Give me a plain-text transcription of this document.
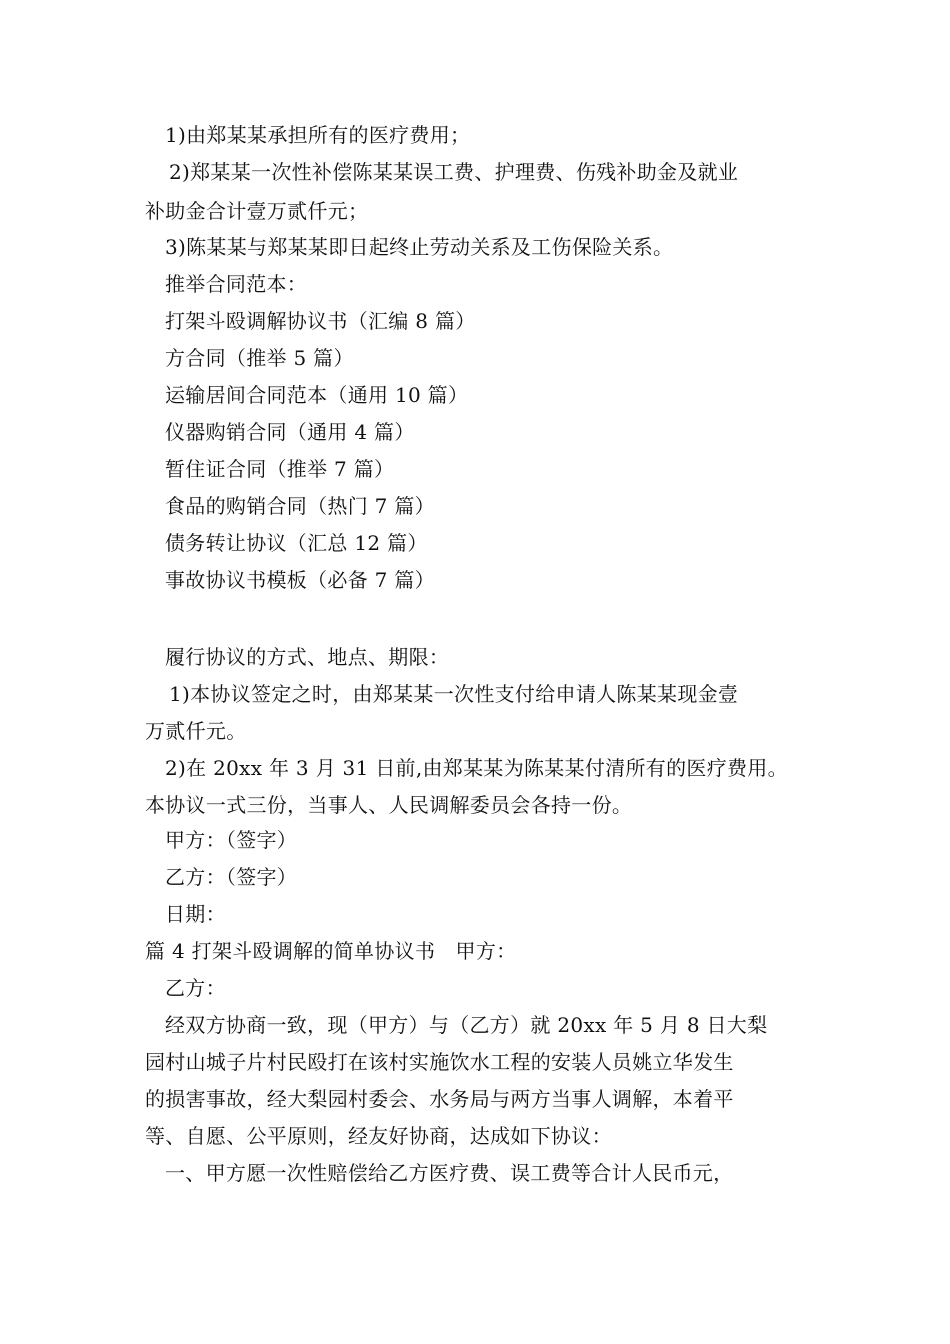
1)由郑某某承担所有的医疗费用；
2)郑某某一次性补偿陈某某误工费、护理费、伤残补助金及就业
补助金合计壹万贰仟元；
3)陈某某与郑某某即日起终止劳动关系及工伤保险关系。
推举合同范本：
打架斗殴调解协议书（汇编 8 篇）
方合同（推举 5 篇）
运输居间合同范本（通用 10 篇）
仪器购销合同（通用 4 篇）
暂住证合同（推举 7 篇）
食品的购销合同（热门 7 篇）
债务转让协议（汇总 12 篇）
事故协议书模板（必备 7 篇）
履行协议的方式、地点、期限：
1)本协议签定之时，由郑某某一次性支付给申请人陈某某现金壹
万贰仟元。
2)在 20xx 年 3 月 31 日前,由郑某某为陈某某付清所有的医疗费用。
本协议一式三份，当事人、人民调解委员会各持一份。
甲方：（签字）
乙方：（签字）
日期：
篇 4 打架斗殴调解的简单协议书　甲方：
乙方：
经双方协商一致，现（甲方）与（乙方）就 20xx 年 5 月 8 日大梨
园村山城子片村民殴打在该村实施饮水工程的安装人员姚立华发生
的损害事故，经大梨园村委会、水务局与两方当事人调解，本着平
等、自愿、公平原则，经友好协商，达成如下协议：
一、甲方愿一次性赔偿给乙方医疗费、误工费等合计人民币元，
